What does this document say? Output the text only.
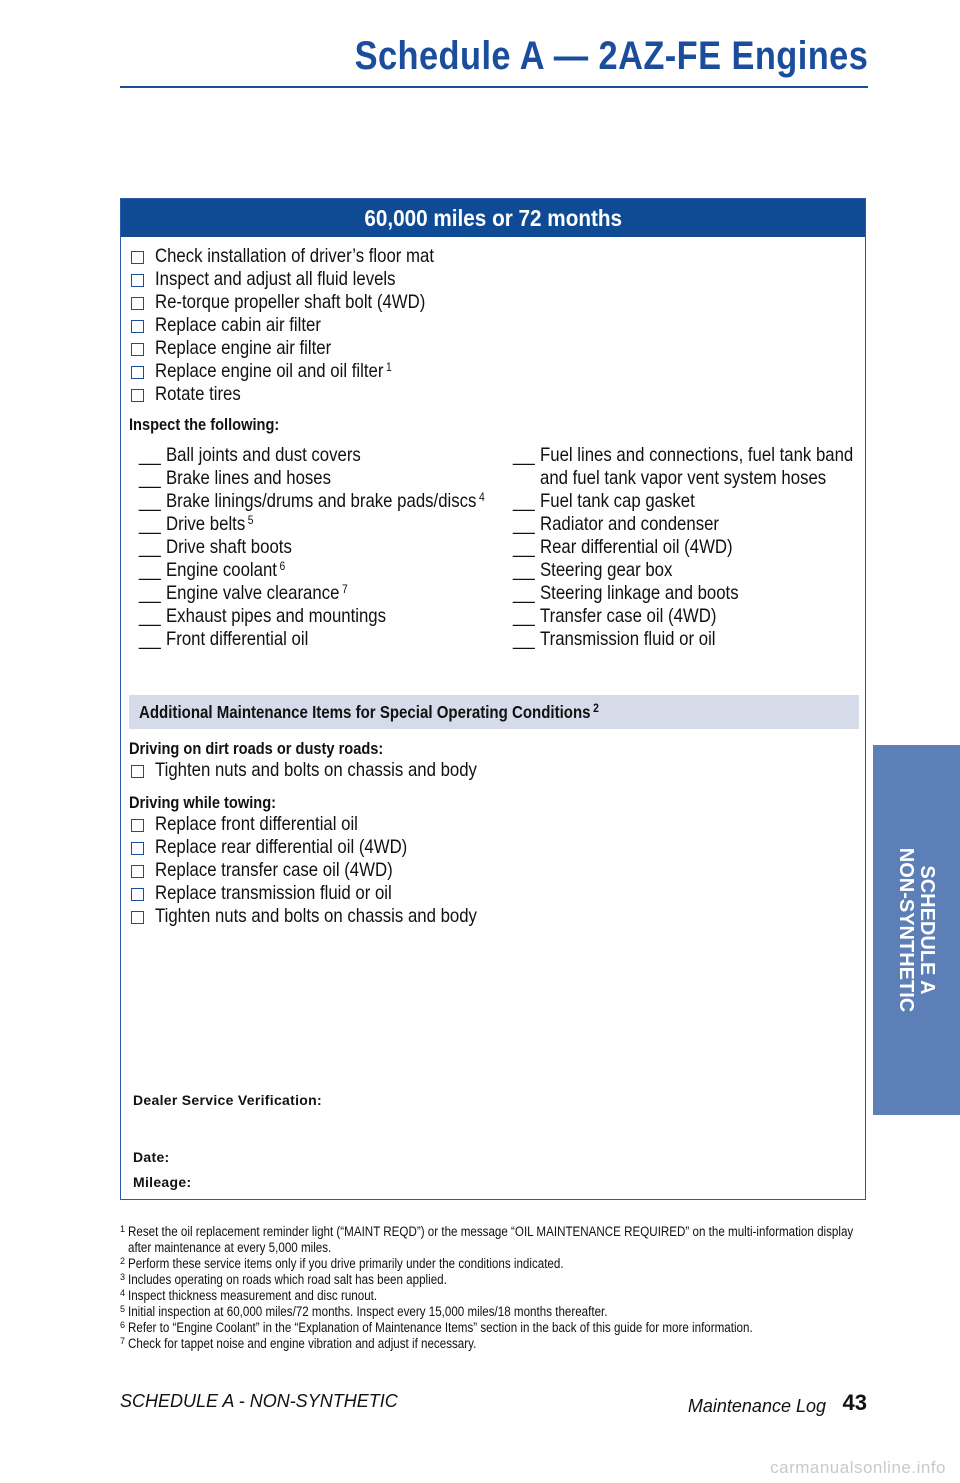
Schedule A — 2AZ-FE Engines
60,000 miles or 72 months
Check installation of driver’s floor mat
Inspect and adjust all fluid levels
Re-torque propeller shaft bolt (4WD)
Replace cabin air filter
Replace engine air filter
Replace engine oil and oil filter $^1$
Rotate tires
Inspect the following:
__ Ball joints and dust covers
__ Brake lines and hoses
__ Brake linings/drums and brake pads/discs $^4$
__ Drive belts $^5$
__ Drive shaft boots
__ Engine coolant $^6$
__ Engine valve clearance $^7$
__ Exhaust pipes and mountings
__ Front differential oil
__ Fuel lines and connections, fuel tank band and fuel tank vapor vent system hoses
__ Fuel tank cap gasket
__ Radiator and condenser
__ Rear differential oil (4WD)
__ Steering gear box
__ Steering linkage and boots
__ Transfer case oil (4WD)
__ Transmission fluid or oil
Additional Maintenance Items for Special Operating Conditions $^2$
Driving on dirt roads or dusty roads:
Tighten nuts and bolts on chassis and body
Driving while towing:
Replace front differential oil
Replace rear differential oil (4WD)
Replace transfer case oil (4WD)
Replace transmission fluid or oil
Tighten nuts and bolts on chassis and body
Dealer Service Verification:
Date:
Mileage:
1 Reset the oil replacement reminder light (“MAINT REQD”) or the message “OIL MAINTENANCE REQUIRED” on the multi-information display after maintenance at every 5,000 miles.
2 Perform these service items only if you drive primarily under the conditions indicated.
3 Includes operating on roads which road salt has been applied.
4 Inspect thickness measurement and disc runout.
5 Initial inspection at 60,000 miles/72 months. Inspect every 15,000 miles/18 months thereafter.
6 Refer to “Engine Coolant” in the “Explanation of Maintenance Items” section in the back of this guide for more information.
7 Check for tappet noise and engine vibration and adjust if necessary.
SCHEDULE A - NON-SYNTHETIC	Maintenance Log 43
SCHEDULE A
NON-SYNTHETIC
carmanualsonline.info
